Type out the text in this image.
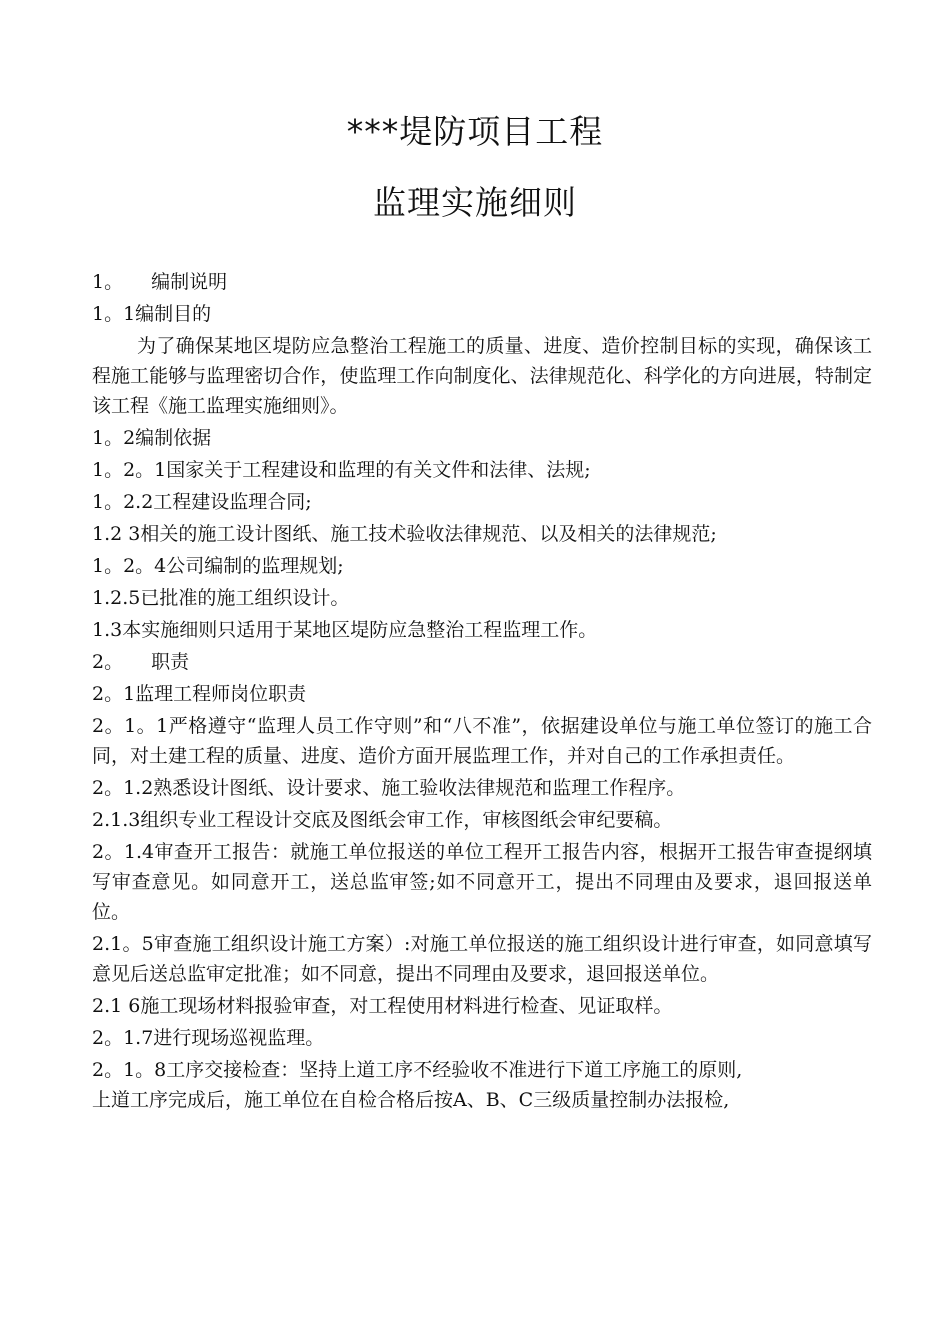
***堤防项目工程
监理实施细则
1。 编制说明
1。1编制目的
为了确保某地区堤防应急整治工程施工的质量、进度、造价控制目标的实现，确保该工程施工能够与监理密切合作，使监理工作向制度化、法律规范化、科学化的方向进展，特制定该工程《施工监理实施细则》。
1。2编制依据
1。2。1国家关于工程建设和监理的有关文件和法律、法规;
1。2.2工程建设监理合同;
1.2 3相关的施工设计图纸、施工技术验收法律规范、以及相关的法律规范;
1。2。4公司编制的监理规划;
1.2.5已批准的施工组织设计。
1.3本实施细则只适用于某地区堤防应急整治工程监理工作。
2。 职责
2。1监理工程师岗位职责
2。1。1严格遵守“监理人员工作守则”和“八不准”，依据建设单位与施工单位签订的施工合同，对土建工程的质量、进度、造价方面开展监理工作，并对自己的工作承担责任。
2。1.2熟悉设计图纸、设计要求、施工验收法律规范和监理工作程序。
2.1.3组织专业工程设计交底及图纸会审工作，审核图纸会审纪要稿。
2。1.4审查开工报告：就施工单位报送的单位工程开工报告内容，根据开工报告审查提纲填写审查意见。如同意开工，送总监审签;如不同意开工，提出不同理由及要求，退回报送单位。
2.1。5审查施工组织设计施工方案）:对施工单位报送的施工组织设计进行审查，如同意填写意见后送总监审定批准；如不同意，提出不同理由及要求，退回报送单位。
2.1 6施工现场材料报验审查，对工程使用材料进行检查、见证取样。
2。1.7进行现场巡视监理。
2。1。8工序交接检查：坚持上道工序不经验收不准进行下道工序施工的原则,
上道工序完成后，施工单位在自检合格后按A、B、C三级质量控制办法报检,
